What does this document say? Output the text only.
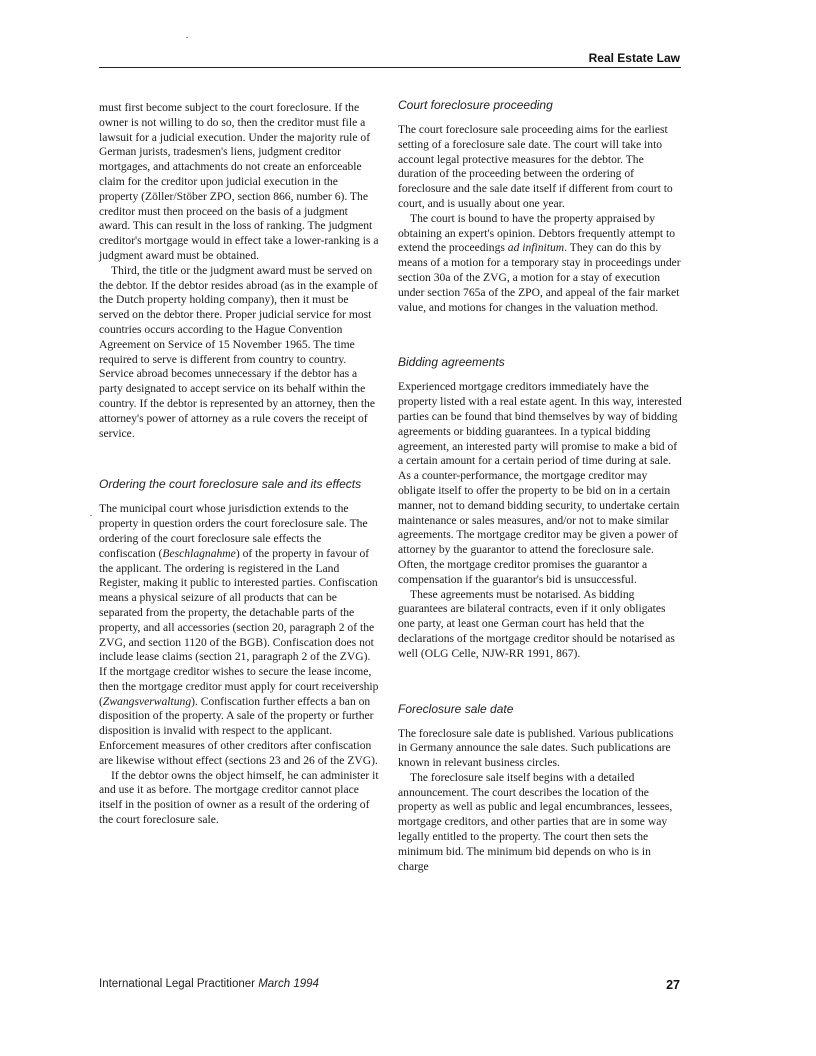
Real Estate Law

must first become subject to the court foreclosure. If the owner is not willing to do so, then the creditor must file a lawsuit for a judicial execution. Under the majority rule of German jurists, tradesmen's liens, judgment creditor mortgages, and attachments do not create an enforceable claim for the creditor upon judicial execution in the property (Zöller/Stöber ZPO, section 866, number 6). The creditor must then proceed on the basis of a judgment award. This can result in the loss of ranking. The judgment creditor's mortgage would in effect take a lower-ranking is a judgment award must be obtained.

Third, the title or the judgment award must be served on the debtor. If the debtor resides abroad (as in the example of the Dutch property holding company), then it must be served on the debtor there. Proper judicial service for most countries occurs according to the Hague Convention Agreement on Service of 15 November 1965. The time required to serve is different from country to country. Service abroad becomes unnecessary if the debtor has a party designated to accept service on its behalf within the country. If the debtor is represented by an attorney, then the attorney's power of attorney as a rule covers the receipt of service.

Ordering the court foreclosure sale and its effects

The municipal court whose jurisdiction extends to the property in question orders the court foreclosure sale. The ordering of the court foreclosure sale effects the confiscation (Beschlagnahme) of the property in favour of the applicant. The ordering is registered in the Land Register, making it public to interested parties. Confiscation means a physical seizure of all products that can be separated from the property, the detachable parts of the property, and all accessories (section 20, paragraph 2 of the ZVG, and section 1120 of the BGB). Confiscation does not include lease claims (section 21, paragraph 2 of the ZVG). If the mortgage creditor wishes to secure the lease income, then the mortgage creditor must apply for court receivership (Zwangsverwaltung). Confiscation further effects a ban on disposition of the property. A sale of the property or further disposition is invalid with respect to the applicant. Enforcement measures of other creditors after confiscation are likewise without effect (sections 23 and 26 of the ZVG).

If the debtor owns the object himself, he can administer it and use it as before. The mortgage creditor cannot place itself in the position of owner as a result of the ordering of the court foreclosure sale.

Court foreclosure proceeding

The court foreclosure sale proceeding aims for the earliest setting of a foreclosure sale date. The court will take into account legal protective measures for the debtor. The duration of the proceeding between the ordering of foreclosure and the sale date itself if different from court to court, and is usually about one year.

The court is bound to have the property appraised by obtaining an expert's opinion. Debtors frequently attempt to extend the proceedings ad infinitum. They can do this by means of a motion for a temporary stay in proceedings under section 30a of the ZVG, a motion for a stay of execution under section 765a of the ZPO, and appeal of the fair market value, and motions for changes in the valuation method.

Bidding agreements

Experienced mortgage creditors immediately have the property listed with a real estate agent. In this way, interested parties can be found that bind themselves by way of bidding agreements or bidding guarantees. In a typical bidding agreement, an interested party will promise to make a bid of a certain amount for a certain period of time during at sale. As a counter-performance, the mortgage creditor may obligate itself to offer the property to be bid on in a certain manner, not to demand bidding security, to undertake certain maintenance or sales measures, and/or not to make similar agreements. The mortgage creditor may be given a power of attorney by the guarantor to attend the foreclosure sale. Often, the mortgage creditor promises the guarantor a compensation if the guarantor's bid is unsuccessful.

These agreements must be notarised. As bidding guarantees are bilateral contracts, even if it only obligates one party, at least one German court has held that the declarations of the mortgage creditor should be notarised as well (OLG Celle, NJW-RR 1991, 867).

Foreclosure sale date

The foreclosure sale date is published. Various publications in Germany announce the sale dates. Such publications are known in relevant business circles.

The foreclosure sale itself begins with a detailed announcement. The court describes the location of the property as well as public and legal encumbrances, lessees, mortgage creditors, and other parties that are in some way legally entitled to the property. The court then sets the minimum bid. The minimum bid depends on who is in charge

International Legal Practitioner March 1994	27
